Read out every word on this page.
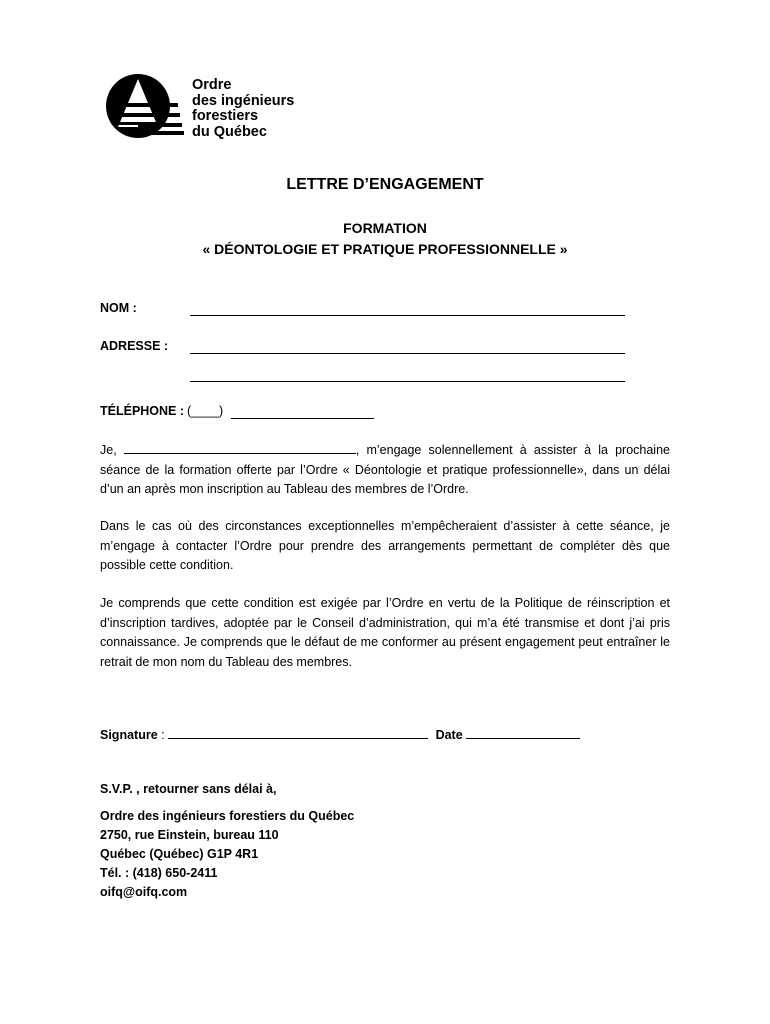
Ordre
des ingénieurs
forestiers
du Québec
LETTRE D’ENGAGEMENT
FORMATION
« DÉONTOLOGIE ET PRATIQUE PROFESSIONNELLE »
NOM :
ADRESSE :
TÉLÉPHONE : (____)
Je,	, m’engage solennellement à assister à la prochaine séance de la formation offerte par l’Ordre « Déontologie et pratique professionnelle», dans un délai d’un an après mon inscription au Tableau des membres de l’Ordre.
Dans le cas où des circonstances exceptionnelles m’empêcheraient d’assister à cette séance, je m’engage à contacter l’Ordre pour prendre des arrangements permettant de compléter dès que possible cette condition.
Je comprends que cette condition est exigée par l’Ordre en vertu de la Politique de réinscription et d’inscription tardives, adoptée par le Conseil d’administration, qui m’a été transmise et dont j’ai pris connaissance. Je comprends que le défaut de me conformer au présent engagement peut entraîner le retrait de mon nom du Tableau des membres.
Signature :	Date
S.V.P. , retourner sans délai à,
Ordre des ingénieurs forestiers du Québec
2750, rue Einstein, bureau 110
Québec (Québec) G1P 4R1
Tél. : (418) 650-2411
oifq@oifq.com
